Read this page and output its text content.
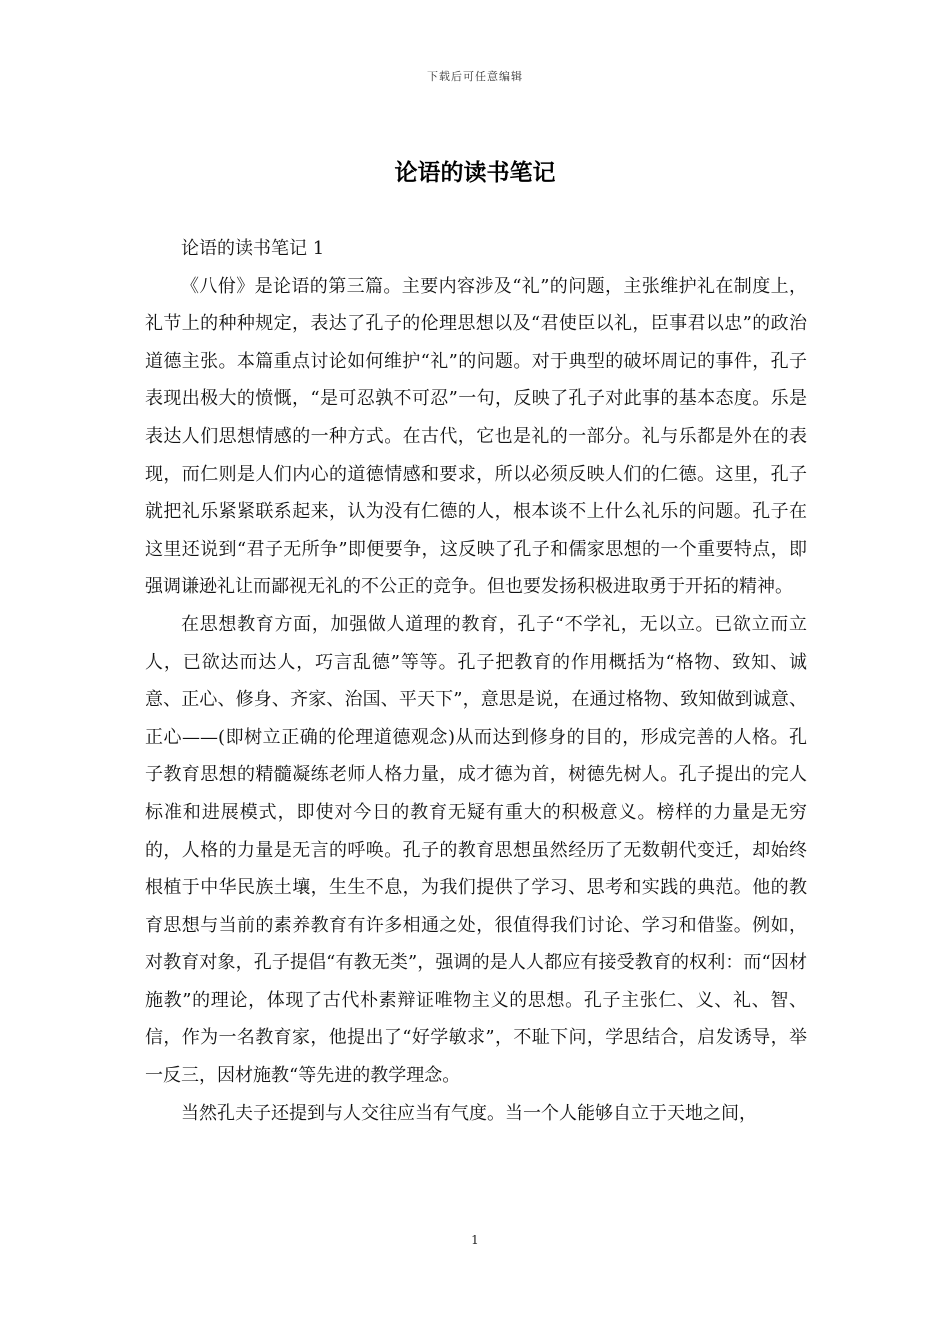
下载后可任意编辑
论语的读书笔记

论语的读书笔记 1

《八佾》是论语的第三篇。主要内容涉及“礼”的问题，主张维护礼在制度上，礼节上的种种规定，表达了孔子的伦理思想以及“君使臣以礼，臣事君以忠”的政治道德主张。本篇重点讨论如何维护“礼”的问题。对于典型的破坏周记的事件，孔子表现出极大的愤慨，“是可忍孰不可忍”一句，反映了孔子对此事的基本态度。乐是表达人们思想情感的一种方式。在古代，它也是礼的一部分。礼与乐都是外在的表现，而仁则是人们内心的道德情感和要求，所以必须反映人们的仁德。这里，孔子就把礼乐紧紧联系起来，认为没有仁德的人，根本谈不上什么礼乐的问题。孔子在这里还说到“君子无所争”即便要争，这反映了孔子和儒家思想的一个重要特点，即强调谦逊礼让而鄙视无礼的不公正的竞争。但也要发扬积极进取勇于开拓的精神。

在思想教育方面，加强做人道理的教育，孔子“不学礼，无以立。已欲立而立人，已欲达而达人，巧言乱德”等等。孔子把教育的作用概括为“格物、致知、诚意、正心、修身、齐家、治国、平天下”，意思是说，在通过格物、致知做到诚意、正心——(即树立正确的伦理道德观念)从而达到修身的目的，形成完善的人格。孔子教育思想的精髓凝练老师人格力量，成才德为首，树德先树人。孔子提出的完人标准和进展模式，即使对今日的教育无疑有重大的积极意义。榜样的力量是无穷的，人格的力量是无言的呼唤。孔子的教育思想虽然经历了无数朝代变迁，却始终根植于中华民族土壤，生生不息，为我们提供了学习、思考和实践的典范。他的教育思想与当前的素养教育有许多相通之处，很值得我们讨论、学习和借鉴。例如，对教育对象，孔子提倡“有教无类”，强调的是人人都应有接受教育的权利：而“因材施教”的理论，体现了古代朴素辩证唯物主义的思想。孔子主张仁、义、礼、智、信，作为一名教育家，他提出了“好学敏求”，不耻下问，学思结合，启发诱导，举一反三，因材施教“等先进的教学理念。

当然孔夫子还提到与人交往应当有气度。当一个人能够自立于天地之间，

1
